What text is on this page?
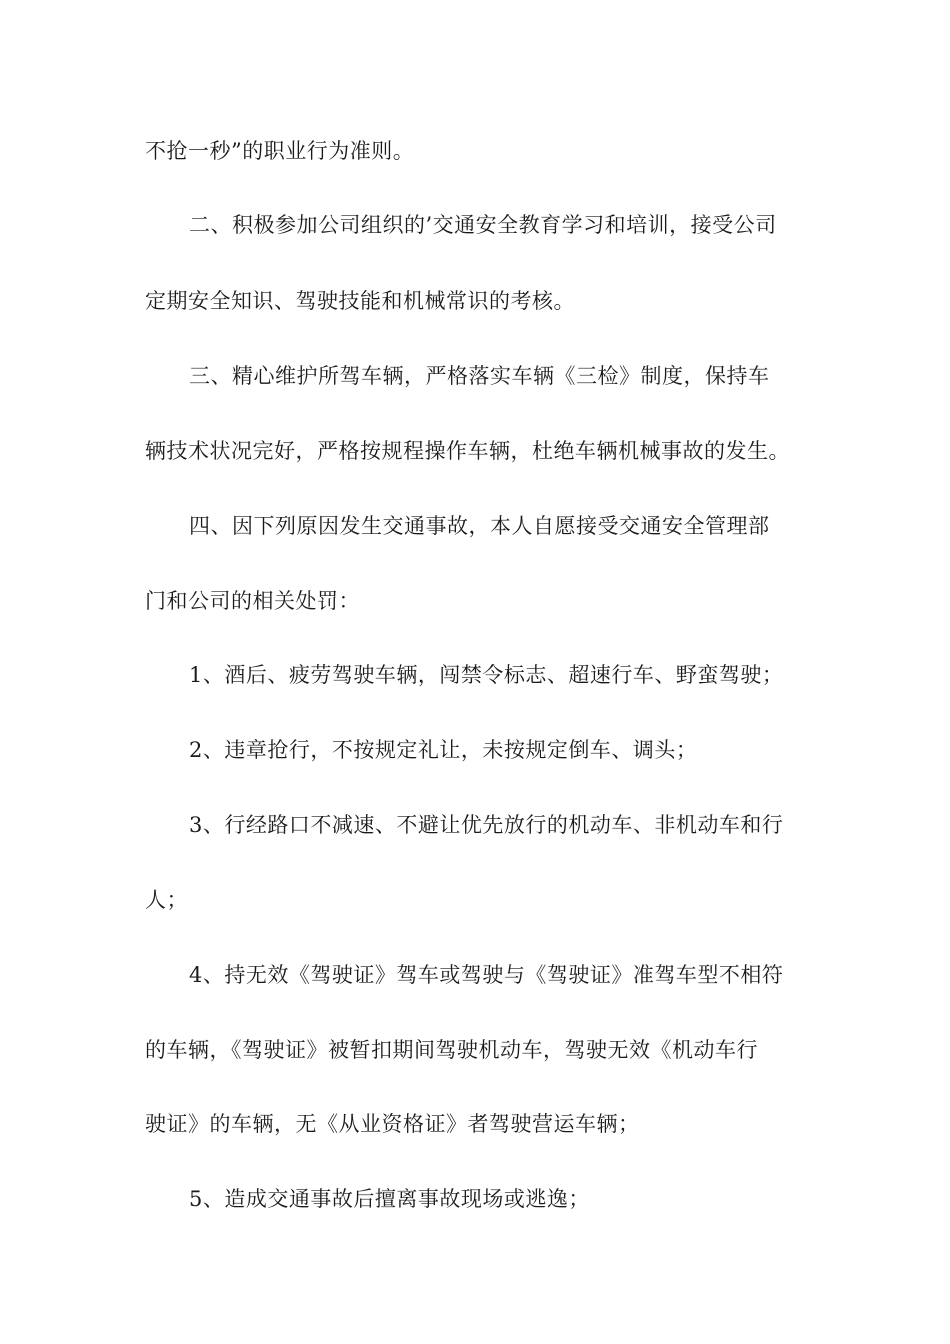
不抢一秒”的职业行为准则。
二、积极参加公司组织的’交通安全教育学习和培训，接受公司
定期安全知识、驾驶技能和机械常识的考核。
三、精心维护所驾车辆，严格落实车辆《三检》制度，保持车
辆技术状况完好，严格按规程操作车辆，杜绝车辆机械事故的发生。
四、因下列原因发生交通事故，本人自愿接受交通安全管理部
门和公司的相关处罚：
1、酒后、疲劳驾驶车辆，闯禁令标志、超速行车、野蛮驾驶；
2、违章抢行，不按规定礼让，未按规定倒车、调头；
3、行经路口不减速、不避让优先放行的机动车、非机动车和行
人；
4、持无效《驾驶证》驾车或驾驶与《驾驶证》准驾车型不相符
的车辆，《驾驶证》被暂扣期间驾驶机动车，驾驶无效《机动车行
驶证》的车辆，无《从业资格证》者驾驶营运车辆；
5、造成交通事故后擅离事故现场或逃逸；
